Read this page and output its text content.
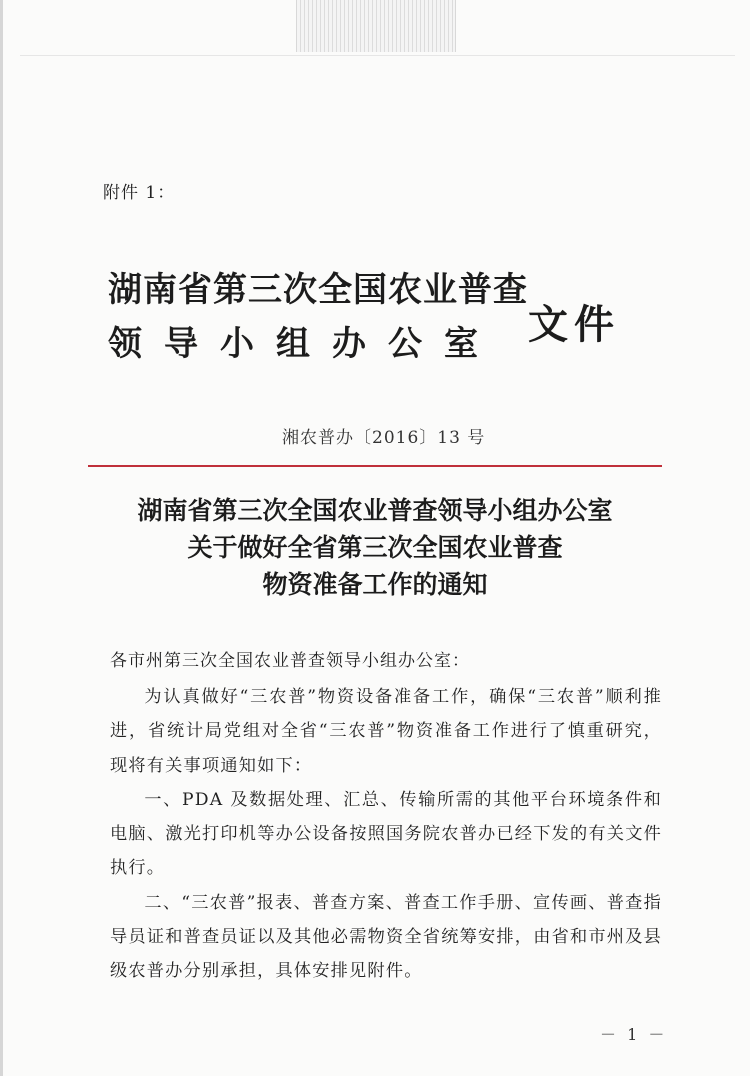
附件 1：
湖南省第三次全国农业普查
领导小组办公室 文件
湘农普办〔2016〕13 号
湖南省第三次全国农业普查领导小组办公室
关于做好全省第三次全国农业普查
物资准备工作的通知
各市州第三次全国农业普查领导小组办公室：

为认真做好“三农普”物资设备准备工作，确保“三农普”顺利推进，省统计局党组对全省“三农普”物资准备工作进行了慎重研究，现将有关事项通知如下：

一、PDA 及数据处理、汇总、传输所需的其他平台环境条件和电脑、激光打印机等办公设备按照国务院农普办已经下发的有关文件执行。

二、“三农普”报表、普查方案、普查工作手册、宣传画、普查指导员证和普查员证以及其他必需物资全省统筹安排，由省和市州及县级农普办分别承担，具体安排见附件。

－ 1 －
